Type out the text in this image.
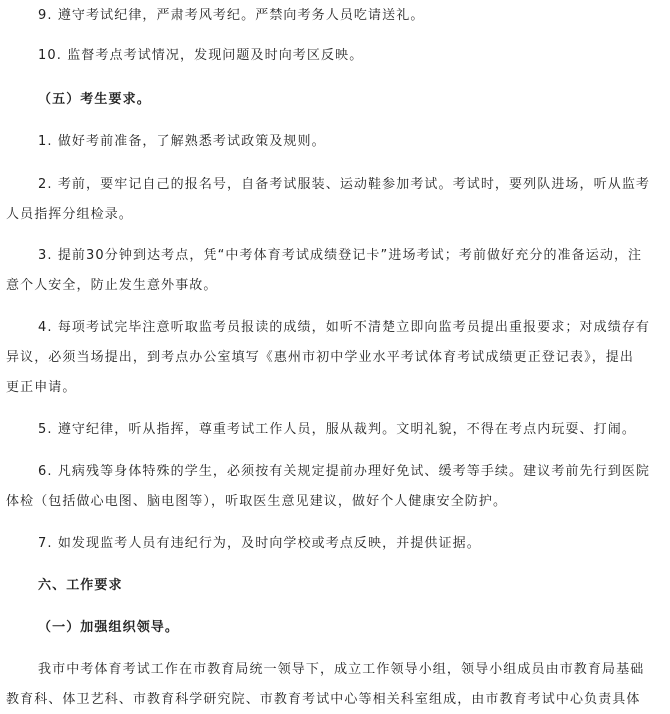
9. 遵守考试纪律，严肃考风考纪。严禁向考务人员吃请送礼。
10. 监督考点考试情况，发现问题及时向考区反映。
（五）考生要求。
1. 做好考前准备，了解熟悉考试政策及规则。
2. 考前，要牢记自己的报名号，自备考试服装、运动鞋参加考试。考试时，要列队进场，听从监考
人员指挥分组检录。
3. 提前30分钟到达考点，凭“中考体育考试成绩登记卡”进场考试；考前做好充分的准备运动，注
意个人安全，防止发生意外事故。
4. 每项考试完毕注意听取监考员报读的成绩，如听不清楚立即向监考员提出重报要求；对成绩存有
异议，必须当场提出，到考点办公室填写《惠州市初中学业水平考试体育考试成绩更正登记表》，提出
更正申请。
5. 遵守纪律，听从指挥，尊重考试工作人员，服从裁判。文明礼貌，不得在考点内玩耍、打闹。
6. 凡病残等身体特殊的学生，必须按有关规定提前办理好免试、缓考等手续。建议考前先行到医院
体检（包括做心电图、脑电图等），听取医生意见建议，做好个人健康安全防护。
7. 如发现监考人员有违纪行为，及时向学校或考点反映，并提供证据。
六、工作要求
（一）加强组织领导。
我市中考体育考试工作在市教育局统一领导下，成立工作领导小组，领导小组成员由市教育局基础
教育科、体卫艺科、市教育科学研究院、市教育考试中心等相关科室组成，由市教育考试中心负责具体
